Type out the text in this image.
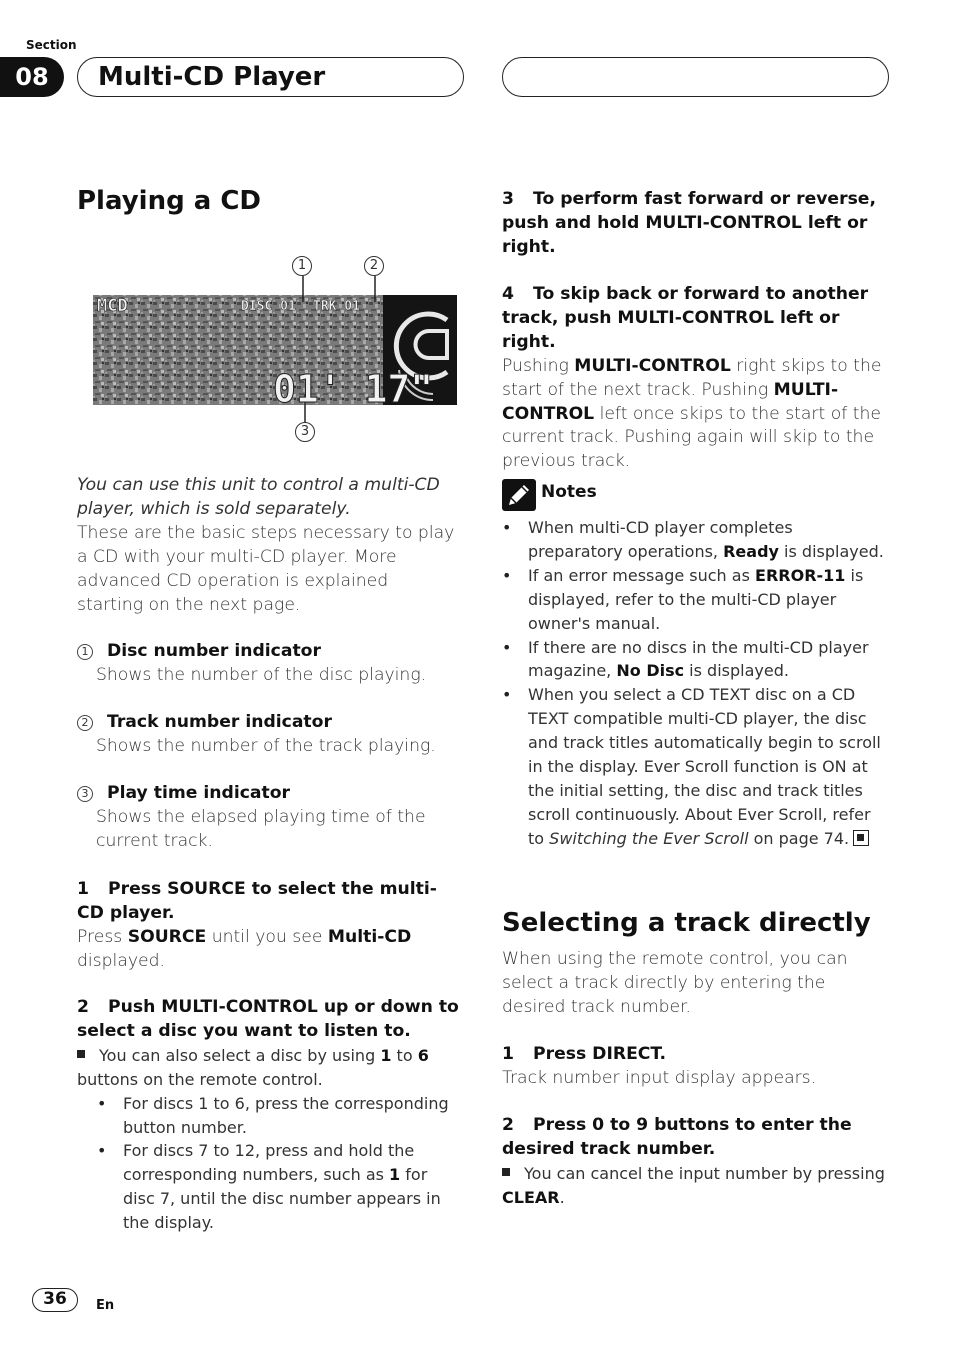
Section
08	Multi-CD Player
Playing a CD
MCD	DISC 01 TRK 01
01' 17"
1	2
3

You can use this unit to control a multi-CD player, which is sold separately.

These are the basic steps necessary to play a CD with your multi-CD player. More advanced CD operation is explained starting on the next page.

1 Disc number indicator
Shows the number of the disc playing.
2 Track number indicator
Shows the number of the track playing.
3 Play time indicator
Shows the elapsed playing time of the current track.
1 Press SOURCE to select the multi-CD player.
Press SOURCE until you see Multi-CD displayed.
2 Push MULTI-CONTROL up or down to select a disc you want to listen to.
You can also select a disc by using 1 to 6 buttons on the remote control.
• For discs 1 to 6, press the corresponding button number.
• For discs 7 to 12, press and hold the corresponding numbers, such as 1 for disc 7, until the disc number appears in the display.
3 To perform fast forward or reverse, push and hold MULTI-CONTROL left or right.
4 To skip back or forward to another track, push MULTI-CONTROL left or right.
Pushing MULTI-CONTROL right skips to the start of the next track. Pushing MULTI-CONTROL left once skips to the start of the current track. Pushing again will skip to the previous track.
Notes
• When multi-CD player completes preparatory operations, Ready is displayed.
• If an error message such as ERROR-11 is displayed, refer to the multi-CD player owner's manual.
• If there are no discs in the multi-CD player magazine, No Disc is displayed.
• When you select a CD TEXT disc on a CD TEXT compatible multi-CD player, the disc and track titles automatically begin to scroll in the display. Ever Scroll function is ON at the initial setting, the disc and track titles scroll continuously. About Ever Scroll, refer to Switching the Ever Scroll on page 74.
Selecting a track directly
When using the remote control, you can select a track directly by entering the desired track number.
1 Press DIRECT.
Track number input display appears.
2 Press 0 to 9 buttons to enter the desired track number.
You can cancel the input number by pressing CLEAR.
36	En
